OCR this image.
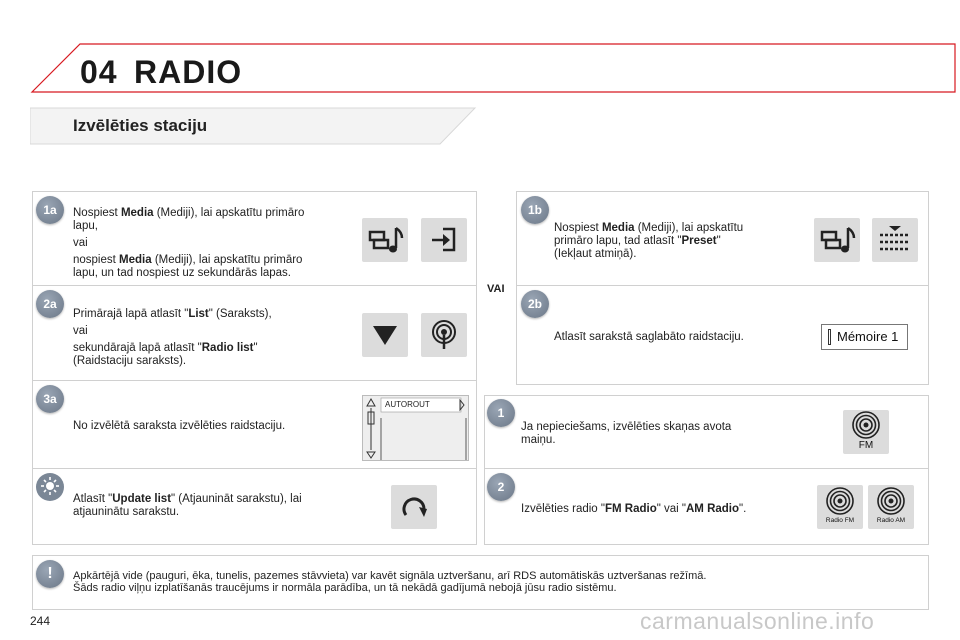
04 RADIO
Izvēlēties staciju
1a	Nospiest Media (Mediji), lai apskatītu primāro
lapu,
vai
nospiest Media (Mediji), lai apskatītu primāro
lapu, un tad nospiest uz sekundārās lapas.
2a
Primārajā lapā atlasīt "List" (Saraksts),
vai
sekundārajā lapā atlasīt "Radio list"
(Raidstaciju saraksts).
3a
No izvēlētā saraksta izvēlēties raidstaciju.
AUTOROUT
Atlasīt "Update list" (Atjaunināt sarakstu), lai
atjauninātu sarakstu.
VAI
1b
Nospiest Media (Mediji), lai apskatītu
primāro lapu, tad atlasīt "Preset"
(Iekļaut atmiņā).
2b
Atlasīt sarakstā saglabāto raidstaciju.	Mémoire 1
1
Ja nepieciešams, izvēlēties skaņas avota
maiņu.	FM
2
Izvēlēties radio "FM Radio" vai "AM Radio".
Radio FM	Radio AM
!	Apkārtējā vide (pauguri, ēka, tunelis, pazemes stāvvieta) var kavēt signāla uztveršanu, arī RDS automātiskās uztveršanas režīmā.
Šāds radio viļņu izplatīšanās traucējums ir normāla parādība, un tā nekādā gadījumā nebojā jūsu radio sistēmu.
244	carmanualsonline.info
